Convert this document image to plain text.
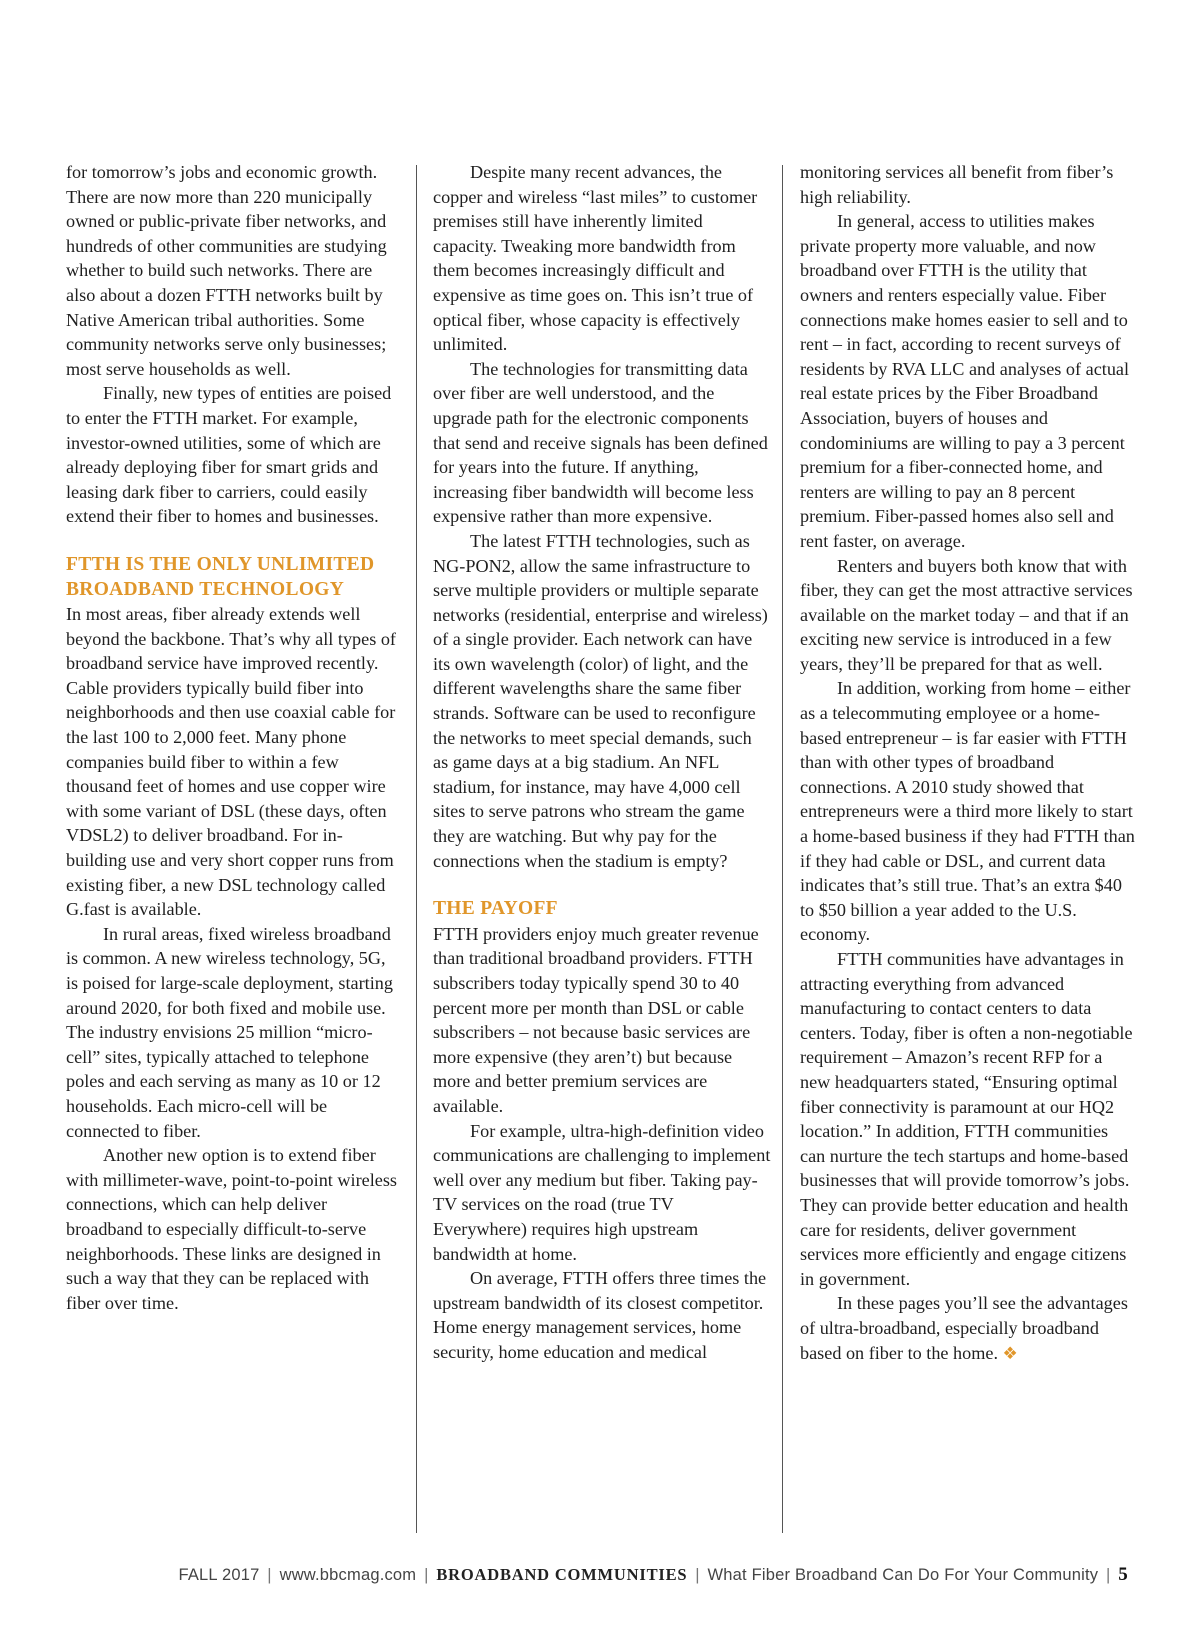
for tomorrow’s jobs and economic growth. There are now more than 220 municipally owned or public-private fiber networks, and hundreds of other communities are studying whether to build such networks. There are also about a dozen FTTH networks built by Native American tribal authorities. Some community networks serve only businesses; most serve households as well.

Finally, new types of entities are poised to enter the FTTH market. For example, investor-owned utilities, some of which are already deploying fiber for smart grids and leasing dark fiber to carriers, could easily extend their fiber to homes and businesses.

FTTH IS THE ONLY UNLIMITED BROADBAND TECHNOLOGY

In most areas, fiber already extends well beyond the backbone. That’s why all types of broadband service have improved recently. Cable providers typically build fiber into neighborhoods and then use coaxial cable for the last 100 to 2,000 feet. Many phone companies build fiber to within a few thousand feet of homes and use copper wire with some variant of DSL (these days, often VDSL2) to deliver broadband. For in-building use and very short copper runs from existing fiber, a new DSL technology called G.fast is available.

In rural areas, fixed wireless broadband is common. A new wireless technology, 5G, is poised for large-scale deployment, starting around 2020, for both fixed and mobile use. The industry envisions 25 million “micro-cell” sites, typically attached to telephone poles and each serving as many as 10 or 12 households. Each micro-cell will be connected to fiber.

Another new option is to extend fiber with millimeter-wave, point-to-point wireless connections, which can help deliver broadband to especially difficult-to-serve neighborhoods. These links are designed in such a way that they can be replaced with fiber over time.

Despite many recent advances, the copper and wireless “last miles” to customer premises still have inherently limited capacity. Tweaking more bandwidth from them becomes increasingly difficult and expensive as time goes on. This isn’t true of optical fiber, whose capacity is effectively unlimited.

The technologies for transmitting data over fiber are well understood, and the upgrade path for the electronic components that send and receive signals has been defined for years into the future. If anything, increasing fiber bandwidth will become less expensive rather than more expensive.

The latest FTTH technologies, such as NG-PON2, allow the same infrastructure to serve multiple providers or multiple separate networks (residential, enterprise and wireless) of a single provider. Each network can have its own wavelength (color) of light, and the different wavelengths share the same fiber strands. Software can be used to reconfigure the networks to meet special demands, such as game days at a big stadium. An NFL stadium, for instance, may have 4,000 cell sites to serve patrons who stream the game they are watching. But why pay for the connections when the stadium is empty?

THE PAYOFF

FTTH providers enjoy much greater revenue than traditional broadband providers. FTTH subscribers today typically spend 30 to 40 percent more per month than DSL or cable subscribers – not because basic services are more expensive (they aren’t) but because more and better premium services are available.

For example, ultra-high-definition video communications are challenging to implement well over any medium but fiber. Taking pay-TV services on the road (true TV Everywhere) requires high upstream bandwidth at home.

On average, FTTH offers three times the upstream bandwidth of its closest competitor. Home energy management services, home security, home education and medical

monitoring services all benefit from fiber’s high reliability.

In general, access to utilities makes private property more valuable, and now broadband over FTTH is the utility that owners and renters especially value. Fiber connections make homes easier to sell and to rent – in fact, according to recent surveys of residents by RVA LLC and analyses of actual real estate prices by the Fiber Broadband Association, buyers of houses and condominiums are willing to pay a 3 percent premium for a fiber-connected home, and renters are willing to pay an 8 percent premium. Fiber-passed homes also sell and rent faster, on average.

Renters and buyers both know that with fiber, they can get the most attractive services available on the market today – and that if an exciting new service is introduced in a few years, they’ll be prepared for that as well.

In addition, working from home – either as a telecommuting employee or a home-based entrepreneur – is far easier with FTTH than with other types of broadband connections. A 2010 study showed that entrepreneurs were a third more likely to start a home-based business if they had FTTH than if they had cable or DSL, and current data indicates that’s still true. That’s an extra $40 to $50 billion a year added to the U.S. economy.

FTTH communities have advantages in attracting everything from advanced manufacturing to contact centers to data centers. Today, fiber is often a non-negotiable requirement – Amazon’s recent RFP for a new headquarters stated, “Ensuring optimal fiber connectivity is paramount at our HQ2 location.” In addition, FTTH communities can nurture the tech startups and home-based businesses that will provide tomorrow’s jobs. They can provide better education and health care for residents, deliver government services more efficiently and engage citizens in government.

In these pages you’ll see the advantages of ultra-broadband, especially broadband based on fiber to the home. ❖

FALL 2017 | www.bbcmag.com | BROADBAND COMMUNITIES | What Fiber Broadband Can Do For Your Community | 5
